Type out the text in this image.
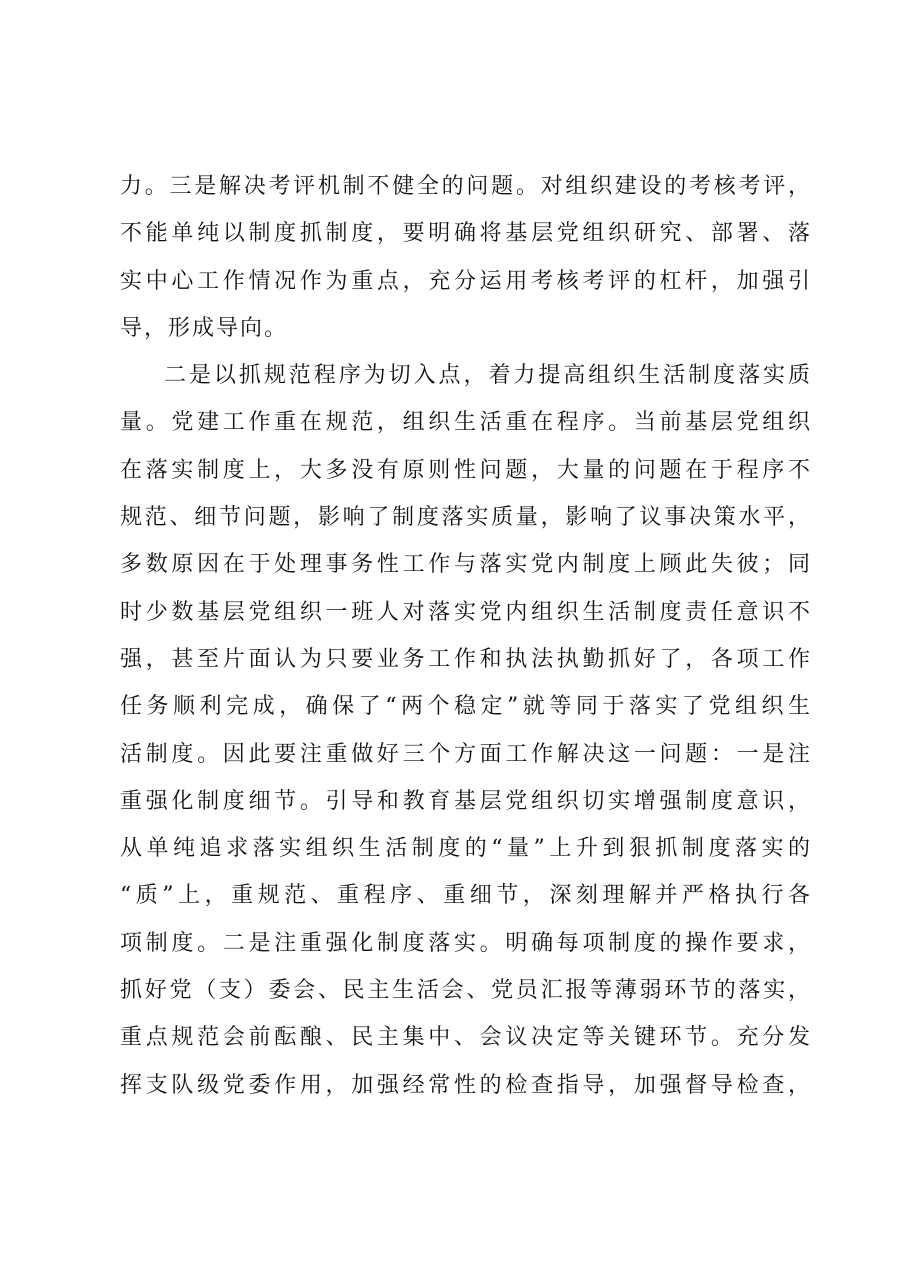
力。三是解决考评机制不健全的问题。对组织建设的考核考评，
不能单纯以制度抓制度，要明确将基层党组织研究、部署、落
实中心工作情况作为重点，充分运用考核考评的杠杆，加强引
导，形成导向。
二是以抓规范程序为切入点，着力提高组织生活制度落实质
量。党建工作重在规范，组织生活重在程序。当前基层党组织
在落实制度上，大多没有原则性问题，大量的问题在于程序不
规范、细节问题，影响了制度落实质量，影响了议事决策水平，
多数原因在于处理事务性工作与落实党内制度上顾此失彼；同
时少数基层党组织一班人对落实党内组织生活制度责任意识不
强，甚至片面认为只要业务工作和执法执勤抓好了，各项工作
任务顺利完成，确保了“两个稳定”就等同于落实了党组织生
活制度。因此要注重做好三个方面工作解决这一问题：一是注
重强化制度细节。引导和教育基层党组织切实增强制度意识，
从单纯追求落实组织生活制度的“量”上升到狠抓制度落实的
“质”上，重规范、重程序、重细节，深刻理解并严格执行各
项制度。二是注重强化制度落实。明确每项制度的操作要求，
抓好党（支）委会、民主生活会、党员汇报等薄弱环节的落实，
重点规范会前酝酿、民主集中、会议决定等关键环节。充分发
挥支队级党委作用，加强经常性的检查指导，加强督导检查，
